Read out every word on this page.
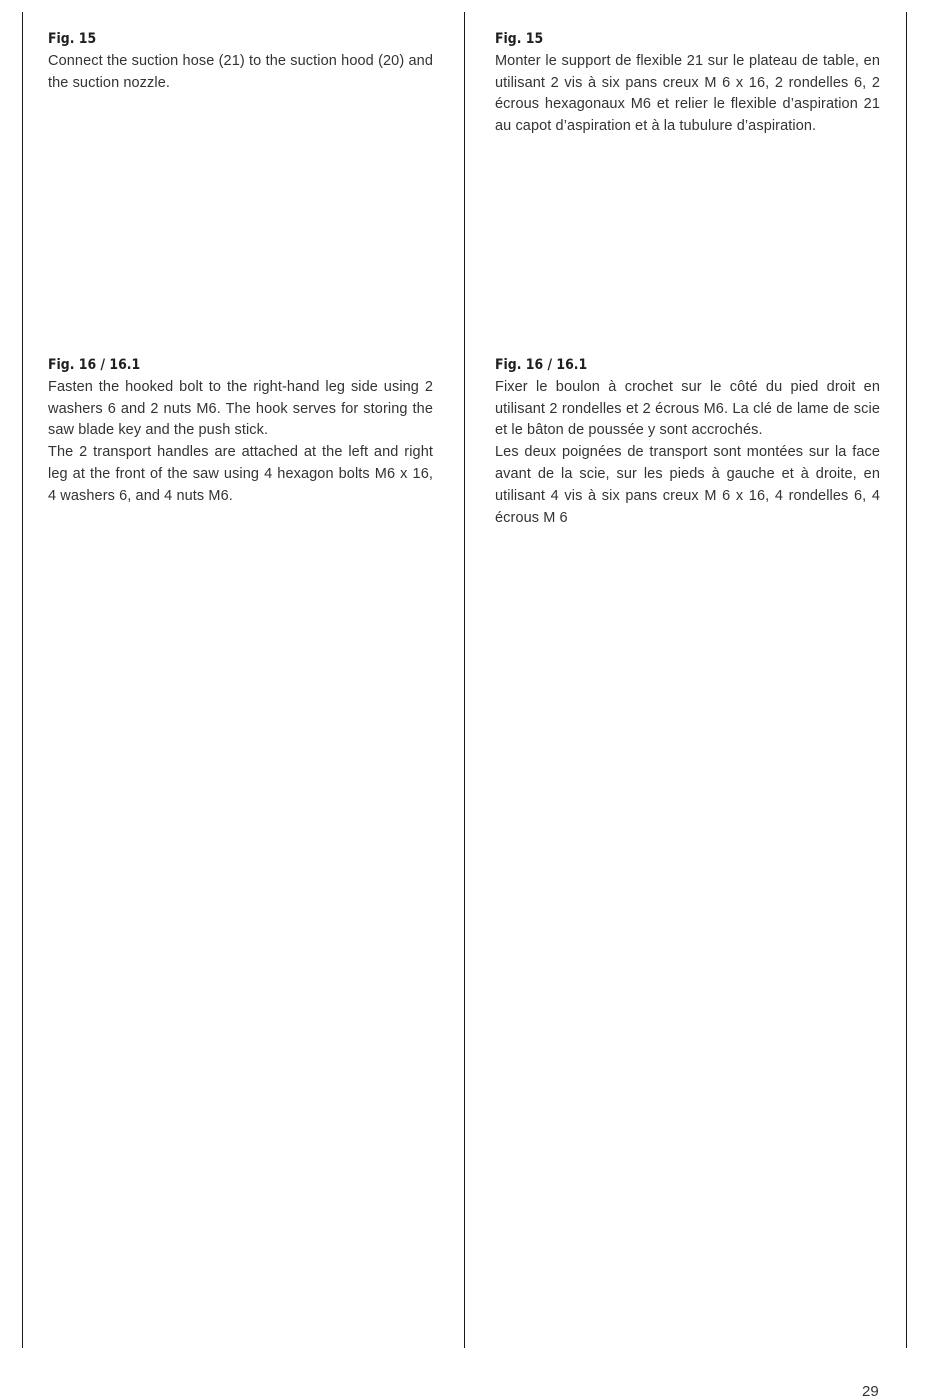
Fig. 15

Connect the suction hose (21) to the suction hood (20) and the suction nozzle.

Fig. 16 / 16.1

Fasten the hooked bolt to the right-hand leg side using 2 washers 6 and 2 nuts M6. The hook serves for storing the saw blade key and the push stick.

The 2 transport handles are attached at the left and right leg at the front of the saw using 4 hexagon bolts M6 x 16, 4 washers 6, and 4 nuts M6.

Fig. 15

Monter le support de flexible 21 sur le plateau de table, en utilisant 2 vis à six pans creux M 6 x 16, 2 rondelles 6, 2 écrous hexagonaux M6 et relier le flexible d’aspiration 21 au capot d’aspiration et à la tubulure d’aspiration.

Fig. 16 / 16.1

Fixer le boulon à crochet sur le côté du pied droit en utilisant 2 rondelles et 2 écrous M6. La clé de lame de scie et le bâton de poussée y sont accrochés.

Les deux poignées de transport sont montées sur la face avant de la scie, sur les pieds à gauche et à droite, en utilisant 4 vis à six pans creux M 6 x 16, 4 rondelles 6, 4 écrous M 6

29
